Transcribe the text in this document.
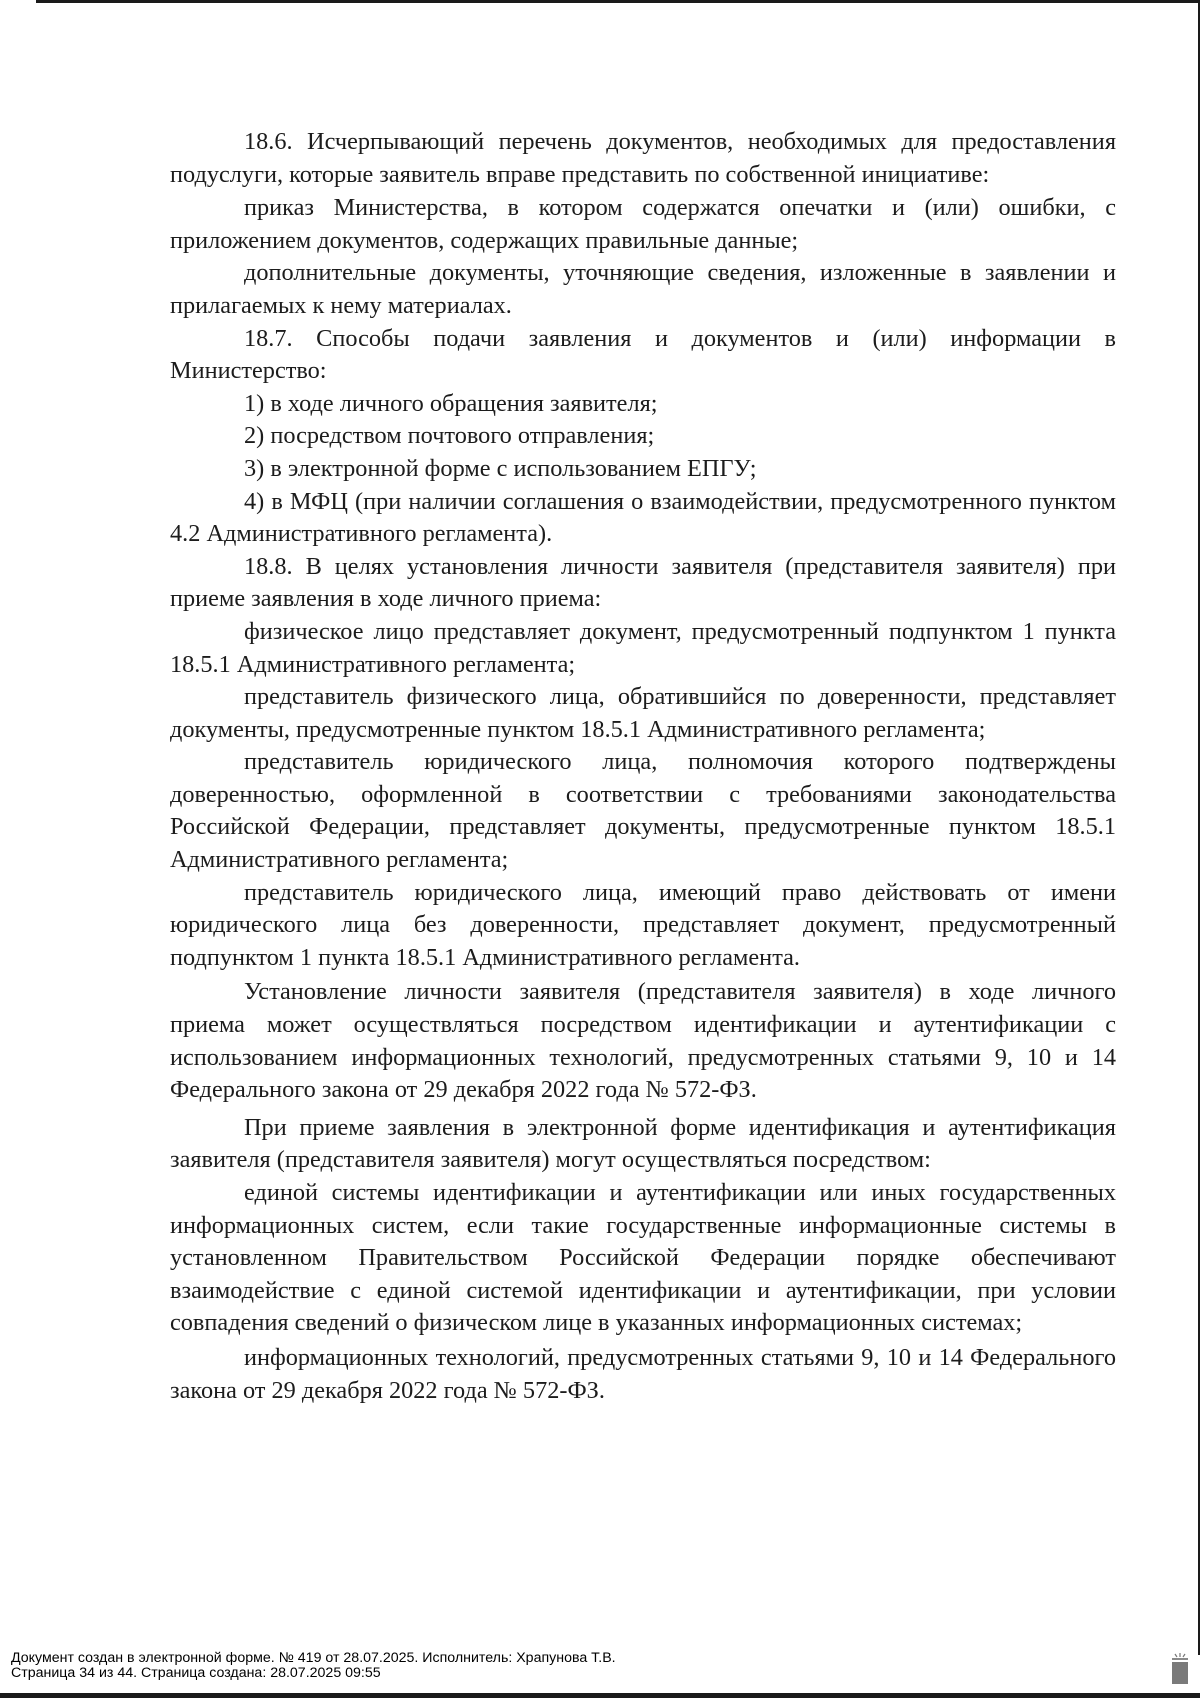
18.6. Исчерпывающий перечень документов, необходимых для предоставления подуслуги, которые заявитель вправе представить по собственной инициативе:

приказ Министерства, в котором содержатся опечатки и (или) ошибки, с приложением документов, содержащих правильные данные;

дополнительные документы, уточняющие сведения, изложенные в заявлении и прилагаемых к нему материалах.

18.7. Способы подачи заявления и документов и (или) информации в Министерство:

1) в ходе личного обращения заявителя;

2) посредством почтового отправления;

3) в электронной форме с использованием ЕПГУ;

4) в МФЦ (при наличии соглашения о взаимодействии, предусмотренного пунктом 4.2 Административного регламента).

18.8. В целях установления личности заявителя (представителя заявителя) при приеме заявления в ходе личного приема:

физическое лицо представляет документ, предусмотренный подпунктом 1 пункта 18.5.1 Административного регламента;

представитель физического лица, обратившийся по доверенности, представляет документы, предусмотренные пунктом 18.5.1 Административного регламента;

представитель юридического лица, полномочия которого подтверждены доверенностью, оформленной в соответствии с требованиями законодательства Российской Федерации, представляет документы, предусмотренные пунктом 18.5.1 Административного регламента;

представитель юридического лица, имеющий право действовать от имени юридического лица без доверенности, представляет документ, предусмотренный подпунктом 1 пункта 18.5.1 Административного регламента.

Установление личности заявителя (представителя заявителя) в ходе личного приема может осуществляться посредством идентификации и аутентификации с использованием информационных технологий, предусмотренных статьями 9, 10 и 14 Федерального закона от 29 декабря 2022 года № 572-ФЗ.

При приеме заявления в электронной форме идентификация и аутентификация заявителя (представителя заявителя) могут осуществляться посредством:

единой системы идентификации и аутентификации или иных государственных информационных систем, если такие государственные информационные системы в установленном Правительством Российской Федерации порядке обеспечивают взаимодействие с единой системой идентификации и аутентификации, при условии совпадения сведений о физическом лице в указанных информационных системах;

информационных технологий, предусмотренных статьями 9, 10 и 14 Федерального закона от 29 декабря 2022 года № 572-ФЗ.

Документ создан в электронной форме. № 419 от 28.07.2025. Исполнитель: Храпунова Т.В.
Страница 34 из 44. Страница создана: 28.07.2025 09:55
